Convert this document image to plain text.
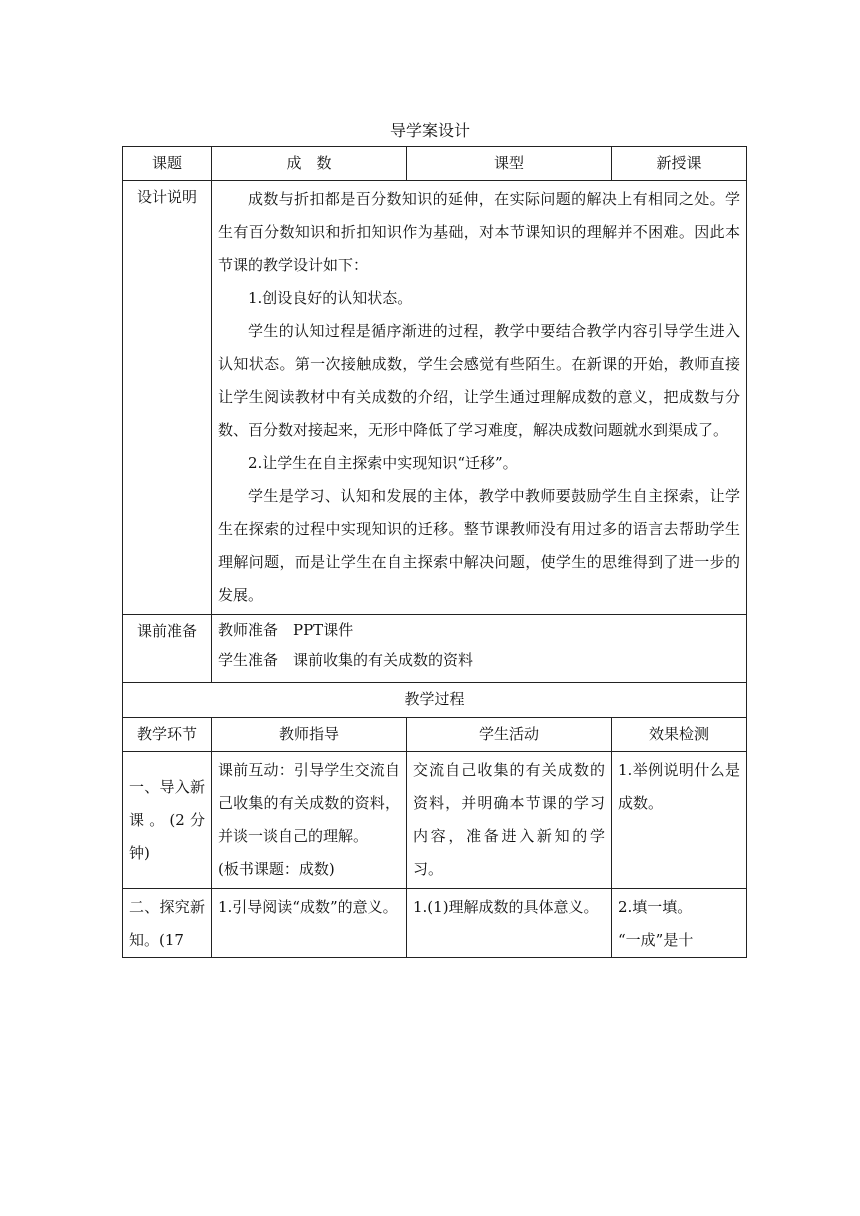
导学案设计
课题	成　数	课型	新授课
设计说明	成数与折扣都是百分数知识的延伸，在实际问题的解决上有相同之处。学生有百分数知识和折扣知识作为基础，对本节课知识的理解并不困难。因此本节课的教学设计如下：

1.创设良好的认知状态。

学生的认知过程是循序渐进的过程，教学中要结合教学内容引导学生进入认知状态。第一次接触成数，学生会感觉有些陌生。在新课的开始，教师直接让学生阅读教材中有关成数的介绍，让学生通过理解成数的意义，把成数与分数、百分数对接起来，无形中降低了学习难度，解决成数问题就水到渠成了。

2.让学生在自主探索中实现知识“迁移”。

学生是学习、认知和发展的主体，教学中教师要鼓励学生自主探索，让学生在探索的过程中实现知识的迁移。整节课教师没有用过多的语言去帮助学生理解问题，而是让学生在自主探索中解决问题，使学生的思维得到了进一步的发展。		

课前准备	教师准备　PPT课件
学生准备　课前收集的有关成数的资料		

教学过程			
教学环节	教师指导	学生活动	效果检测
一、导入新课。(2分钟)	课前互动：引导学生交流自己收集的有关成数的资料，并谈一谈自己的理解。
(板书课题：成数)	交流自己收集的有关成数的资料，并明确本节课的学习内容，准备进入新知的学习。	1.举例说明什么是成数。
二、探究新知。(17	1.引导阅读“成数”的意义。	1.(1)理解成数的具体意义。	2.填一填。
“一成”是十
